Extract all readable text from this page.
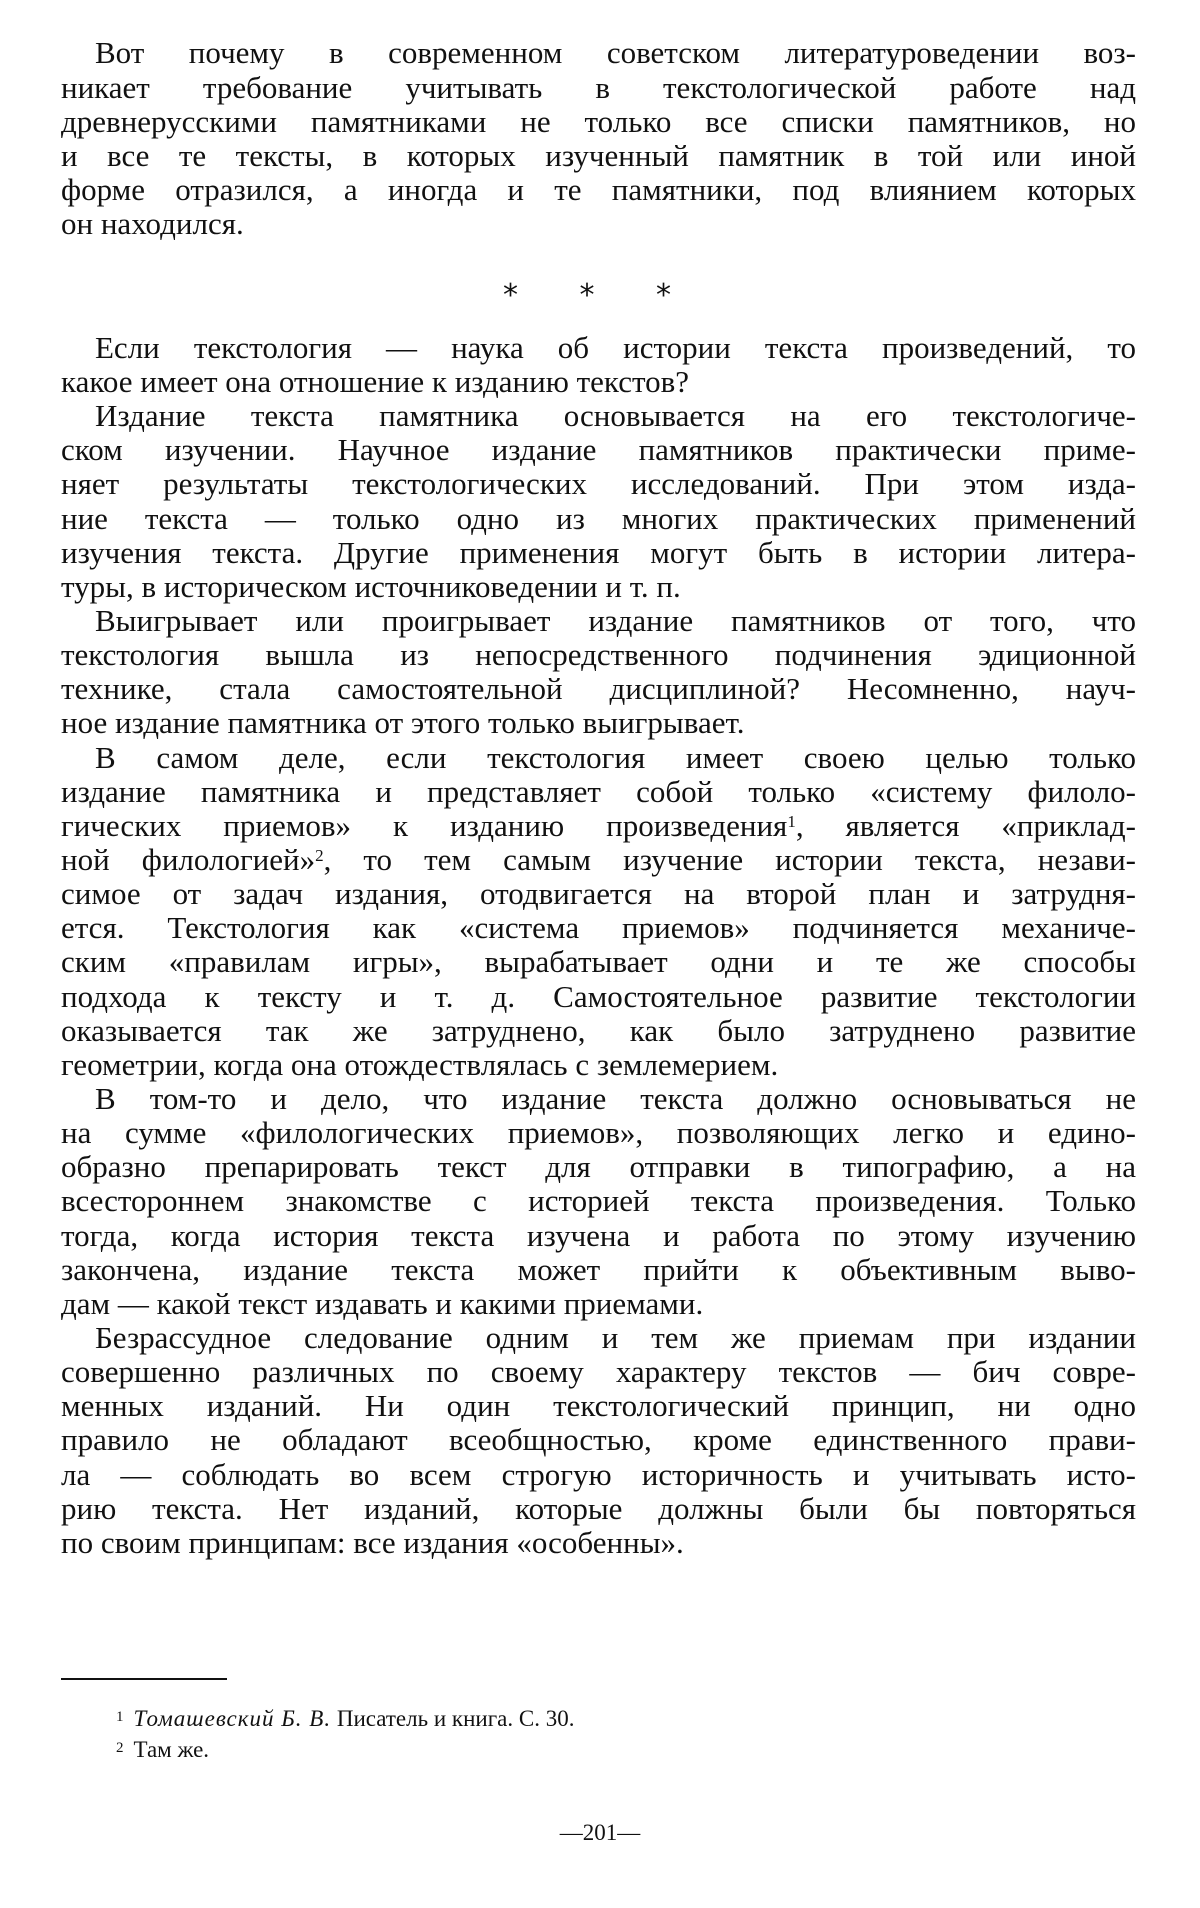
Вот почему в современном советском литературоведении воз-
никает требование учитывать в текстологической работе над
древнерусскими памятниками не только все списки памятников, но
и все те тексты, в которых изученный памятник в той или иной
форме отразился, а иногда и те памятники, под влиянием которых
он находился.
* * *
Если текстология — наука об истории текста произведений, то
какое имеет она отношение к изданию текстов?
Издание текста памятника основывается на его текстологиче-
ском изучении. Научное издание памятников практически приме-
няет результаты текстологических исследований. При этом изда-
ние текста — только одно из многих практических применений
изучения текста. Другие применения могут быть в истории литера-
туры, в историческом источниковедении и т. п.
Выигрывает или проигрывает издание памятников от того, что
текстология вышла из непосредственного подчинения эдиционной
технике, стала самостоятельной дисциплиной? Несомненно, науч-
ное издание памятника от этого только выигрывает.
В самом деле, если текстология имеет своею целью только
издание памятника и представляет собой только «систему филоло-
гических приемов» к изданию произведения$^1$, является «приклад-
ной филологией»$^2$, то тем самым изучение истории текста, незави-
симое от задач издания, отодвигается на второй план и затрудня-
ется. Текстология как «система приемов» подчиняется механиче-
ским «правилам игры», вырабатывает одни и те же способы
подхода к тексту и т. д. Самостоятельное развитие текстологии
оказывается так же затруднено, как было затруднено развитие
геометрии, когда она отождествлялась с землемерием.
В том-то и дело, что издание текста должно основываться не
на сумме «филологических приемов», позволяющих легко и едино-
образно препарировать текст для отправки в типографию, а на
всестороннем знакомстве с историей текста произведения. Только
тогда, когда история текста изучена и работа по этому изучению
закончена, издание текста может прийти к объективным выво-
дам — какой текст издавать и какими приемами.
Безрассудное следование одним и тем же приемам при издании
совершенно различных по своему характеру текстов — бич совре-
менных изданий. Ни один текстологический принцип, ни одно
правило не обладают всеобщностью, кроме единственного прави-
ла — соблюдать во всем строгую историчность и учитывать исто-
рию текста. Нет изданий, которые должны были бы повторяться
по своим принципам: все издания «особенны».
$^1$ Томашевский Б. В. Писатель и книга. С. 30.
$^2$ Там же.
—201—
